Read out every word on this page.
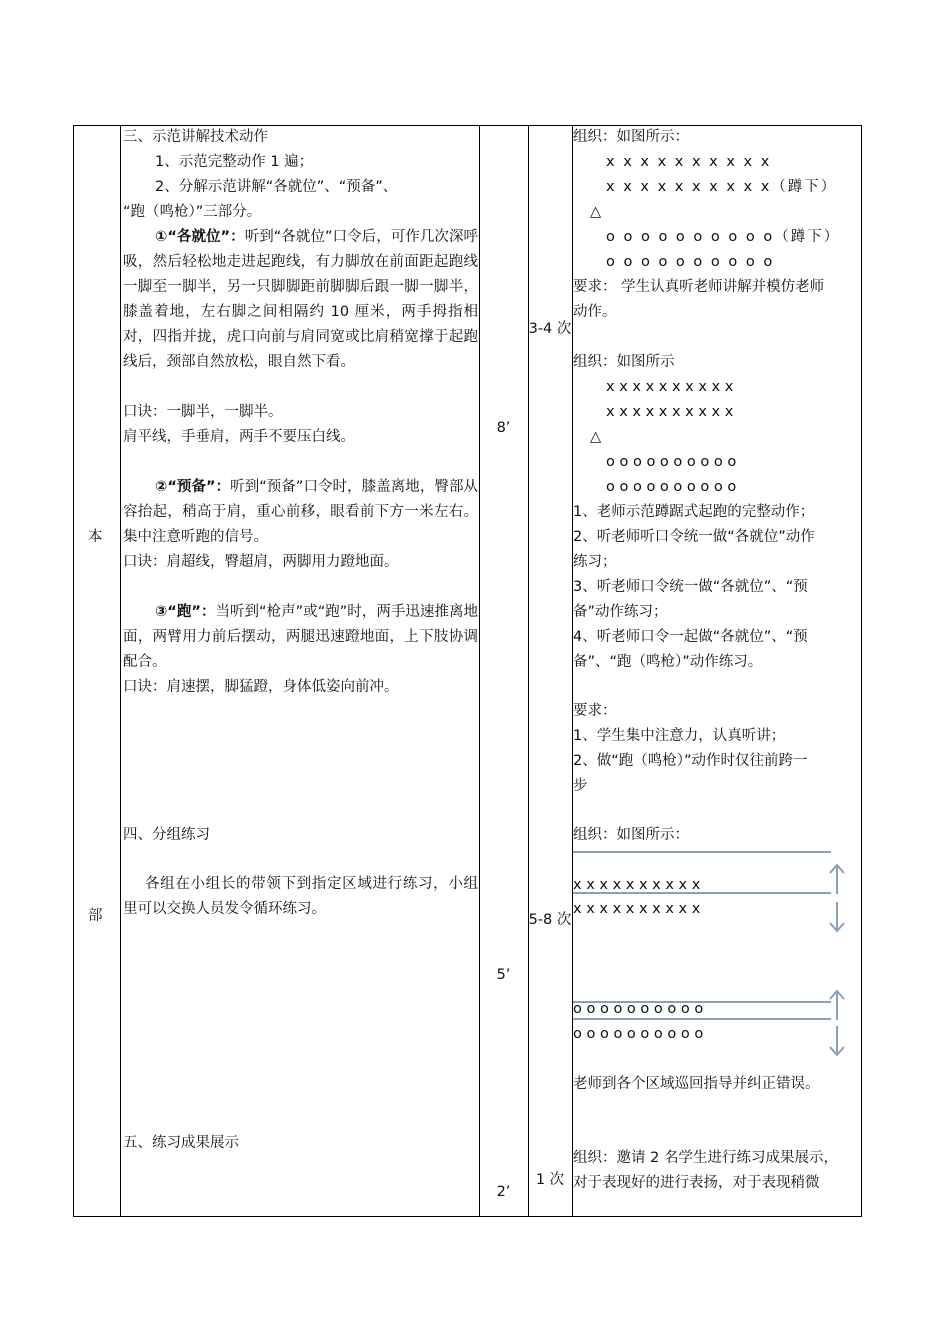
本
部
三、示范讲解技术动作
1、示范完整动作 1 遍；
2、分解示范讲解“各就位”、“预备”、
“跑（鸣枪）”三部分。
①“各就位”：听到“各就位”口令后，可作几次深呼吸，然后轻松地走进起跑线，有力脚放在前面距起跑线一脚至一脚半，另一只脚脚距前脚脚后跟一脚一脚半，膝盖着地，左右脚之间相隔约 10 厘米，两手拇指相对，四指并拢，虎口向前与肩同宽或比肩稍宽撑于起跑线后，颈部自然放松，眼自然下看。
口诀：一脚半，一脚半。
肩平线，手垂肩，两手不要压白线。
②“预备”：听到“预备”口令时，膝盖离地，臀部从容抬起，稍高于肩，重心前移，眼看前下方一米左右。集中注意听跑的信号。
口诀：肩超线，臀超肩，两脚用力蹬地面。
③“跑”：当听到“枪声”或“跑”时，两手迅速推离地面，两臂用力前后摆动，两腿迅速蹬地面，上下肢协调配合。
口诀：肩速摆，脚猛蹬，身体低姿向前冲。
四、分组练习
各组在小组长的带领下到指定区域进行练习，小组里可以交换人员发令循环练习。
五、练习成果展示
8’
5’
2’
3-4 次
5-8 次
1 次
组织：如图所示：
x x x x x x x x x x
x x x x x x x x x x（蹲下）
△
o o o o o o o o o o（蹲下）
o o o o o o o o o o
要求： 学生认真听老师讲解并模仿老师
动作。
组织：如图所示
x x x x x x x x x x
x x x x x x x x x x
△
o o o o o o o o o o
o o o o o o o o o o
1、老师示范蹲踞式起跑的完整动作；
2、听老师听口令统一做“各就位”动作
练习；
3、听老师口令统一做“各就位”、“预
备”动作练习；
4、听老师口令一起做“各就位”、“预
备”、“跑（鸣枪）”动作练习。
要求：
1、学生集中注意力，认真听讲；
2、做“跑（鸣枪）”动作时仅往前跨一
步
组织：如图所示：
x x x x x x x x x x
x x x x x x x x x x
o o o o o o o o o o
o o o o o o o o o o
老师到各个区域巡回指导并纠正错误。
组织：邀请 2 名学生进行练习成果展示，
对于表现好的进行表扬，对于表现稍微
